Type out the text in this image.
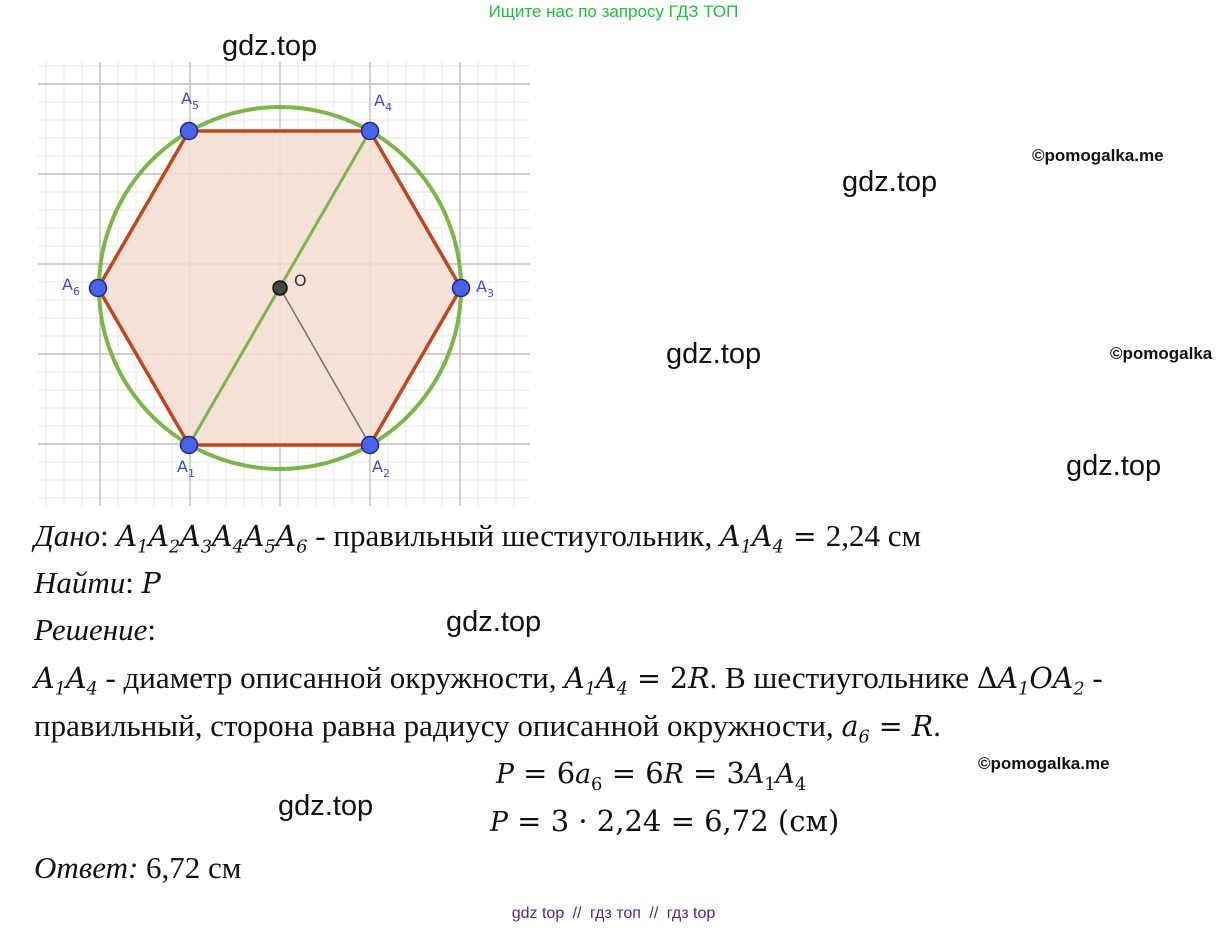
Ищите нас по запросу ГДЗ ТОП
gdz.top
gdz.top
gdz.top
gdz.top
gdz.top
gdz.top
©pomogalka.me
©pomogalka
©pomogalka.me
O
$A_1$	$A_2$
$A_3$
$A_4$
$A_5$
$A_6$
Дано: $A_1A_2A_3A_4A_5A_6$ - правильный шестиугольник, $A_1A_4 = 2,24$ см
Найти: P
Решение:
$A_1A_4$ - диаметр описанной окружности, $A_1A_4 = 2R$. В шестиугольнике $\Delta A_1OA_2$ -
правильный, сторона равна радиусу описанной окружности, $a_6 = R$.
$P = 6a_6 = 6R = 3A_1A_4$
P = 3 · 2,24 = 6,72 (см)
Ответ: 6,72 см
gdz top // гдз топ // гдз top
